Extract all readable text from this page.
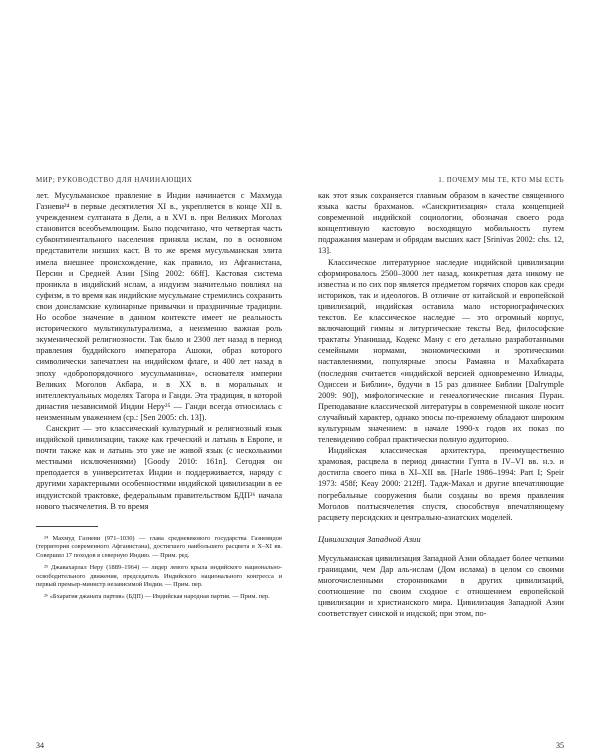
МИР; РУКОВОДСТВО ДЛЯ НАЧИНАЮЩИХ

лет. Мусульманское правление в Индии начинается с Махмуда Газневи²⁴ в первые десятилетия XI в., укрепляется в конце XII в. учреждением султаната в Дели, а в XVI в. при Великих Моголах становится всеобъемлющим. Было подсчитано, что четвертая часть субконтинентального населения приняла ислам, по в основном представители низших каст. В то же время мусульманская элита имела внешнее происхождение, как правило, из Афганистана, Персии и Средней Азии [Sing 2002: 66ff]. Кастовая система проникла в индийский ислам, а индуизм значительно повлиял на суфизм, в то время как индийские мусульмане стремились сохранить свои доисламские кулинарные привычки и праздничные традиции. Но особое значение в данном контексте имеет не реальность исторического мультикультурализма, а неизменно важная роль экуменической религиозности. Так было и 2300 лет назад в период правления буддийского императора Ашоки, образ которого символически запечатлен на индийском флаге, и 400 лет назад в эпоху «добропорядочного мусульманина», основателя империи Великих Моголов Акбара, и в XX в. в моральных и интеллектуальных моделях Тагора и Ганди. Эта традиция, в которой династия независимой Индии Неру²⁵ — Ганди всегда относилась с неизменным уважением (ср.: [Sen 2005: ch. 13]).

Санскрит — это классический культурный и религиозный язык индийской цивилизации, также как греческий и латынь в Европе, и почти также как и латынь это уже не живой язык (с несколькими местными исключениями) [Goody 2010: 161n]. Сегодня он преподается в университетах Индии и поддерживается, наряду с другими характерными особенностями индийской цивилизации в ее индуистской трактовке, федеральным правительством БДП²⁶ начала нового тысячелетия. В то время

²⁴ Махмуд Газневи (971–1030) — глава средневекового государства Газневидов (территория современного Афганистана), достигшего наибольшего расцвета в X–XI вв. Совершил 17 походов в северную Индию. — Прим. ред.

²⁵ Джавахарлал Неру (1889–1964) — лидер левого крыла индийского национально-освободительного движения, председатель Индийского национального конгресса и первый премьер-министр независимой Индии. — Прим. пер.

²⁶ «Бхаратия джаната партия» (БДП) — Индийская народная партия. — Прим. пер.

34
1. ПОЧЕМУ МЫ ТЕ, КТО МЫ ЕСТЬ

как этот язык сохраняется главным образом в качестве священного языка касты брахманов. «Санскритизация» стала концепцией современной индийской социологии, обозначая своего рода концептивную кастовую восходящую мобильность путем подражания манерам и обрядам высших каст [Srinivas 2002: chs. 12, 13].

Классическое литературное наследие индийской цивилизации сформировалось 2500–3000 лет назад, конкретная дата никому не известна и по сих пор является предметом горячих споров как среди историков, так и идеологов. В отличие от китайской и европейской цивилизаций, индийская оставила мало историографических текстов. Ее классическое наследие — это огромный корпус, включающий гимны и литургические тексты Вед, философские трактаты Упанишад, Кодекс Ману с его детально разработанными семейными нормами, экономическими и эротическими наставлениями, популярные эпосы Рамаяна и Махабхарата (последняя считается «индийской версией одновременно Илиады, Одиссеи и Библии», будучи в 15 раз длиннее Библии [Dalrymple 2009: 90]), мифологические и генеалогические писания Пуран. Преподавание классической литературы в современной школе носит случайный характер, однако эпосы по-прежнему обладают широким культурным значением: в начале 1990-х годов их показ по телевидению собрал практически полную аудиторию.

Индийская классическая архитектура, преимущественно храмовая, расцвела в период династии Гупта в IV–VI вв. н.э. и достигла своего пика в XI–XII вв. [Harle 1986–1994: Part I; Speir 1973: 458f; Keay 2000: 212ff]. Тадж-Махал и другие впечатляющие погребальные сооружения были созданы во время правления Моголов полтысячелетия спустя, способствуя впечатляющему расцвету персидских и центрально-азиатских моделей.

Цивилизация Западной Азии

Мусульманская цивилизация Западной Азии обладает более четкими границами, чем Дар аль-ислам (Дом ислама) в целом со своими многочисленными сторонниками в других цивилизаций, соотношение по своим сходное с отношением европейской цивилизации и христианского мира. Цивилизация Западной Азии соответствует синской и индской; при этом, по-

35
